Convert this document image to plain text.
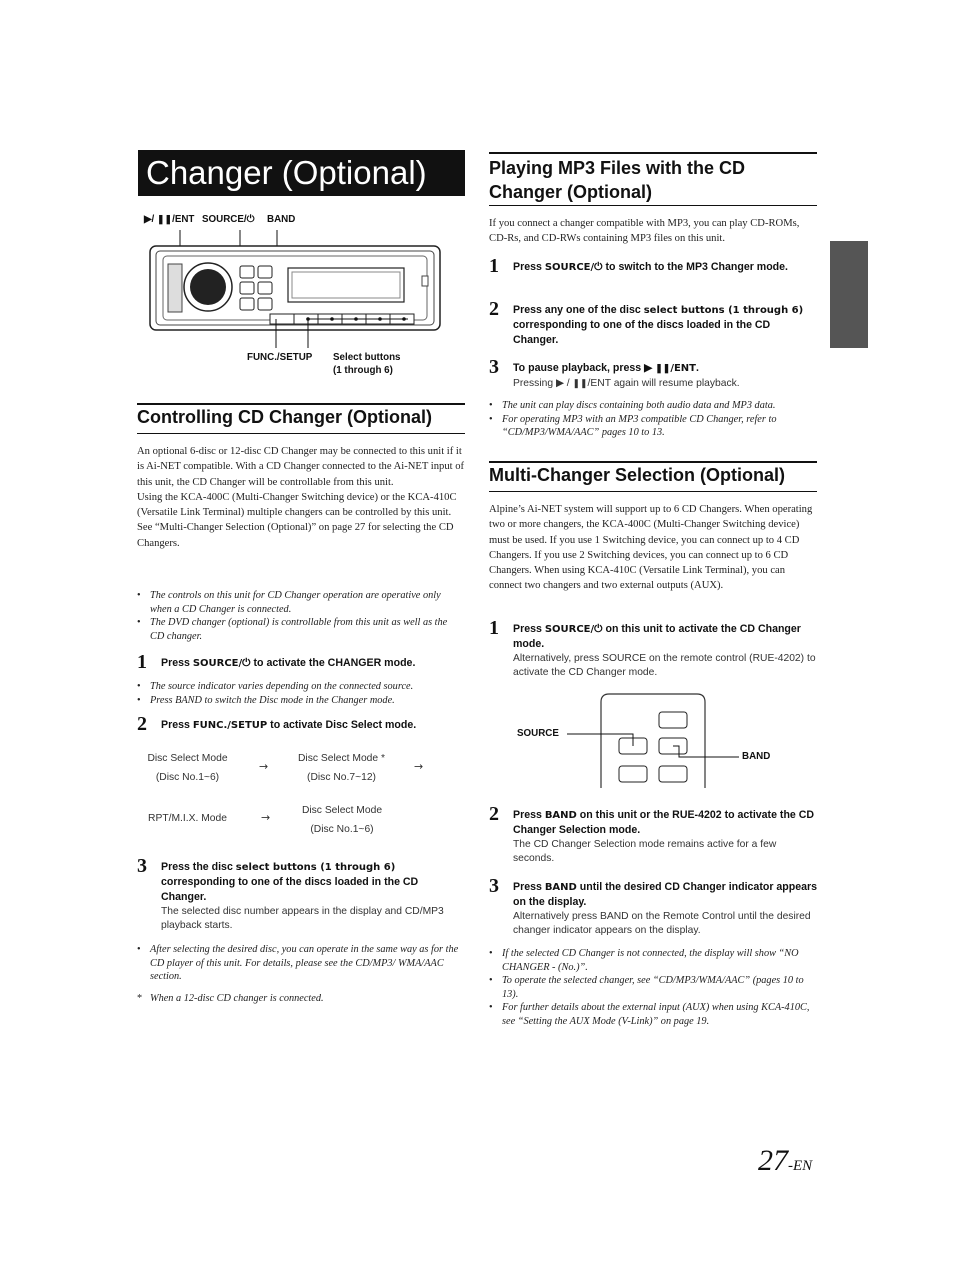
Changer (Optional)
▶/ ❚❚/ENT SOURCE/⏻ BAND
FUNC./SETUP Select buttons
(1 through 6)
Controlling CD Changer (Optional)
An optional 6-disc or 12-disc CD Changer may be connected to this unit if it is Ai-NET compatible. With a CD Changer connected to the Ai-NET input of this unit, the CD Changer will be controllable from this unit.
Using the KCA-400C (Multi-Changer Switching device) or the KCA-410C (Versatile Link Terminal) multiple changers can be controlled by this unit.
See “Multi-Changer Selection (Optional)” on page 27 for selecting the CD Changers.
• The controls on this unit for CD Changer operation are operative only when a CD Changer is connected.
• The DVD changer (optional) is controllable from this unit as well as the CD changer.
1 Press SOURCE/⏻ to activate the CHANGER mode.
• The source indicator varies depending on the connected source.
• Press BAND to switch the Disc mode in the Changer mode.
2 Press FUNC./SETUP to activate Disc Select mode.
Disc Select Mode
(Disc No.1~6)
→
Disc Select Mode *
(Disc No.7~12)
→
RPT/M.I.X. Mode	→
Disc Select Mode
(Disc No.1~6)
3 Press the disc select buttons (1 through 6)
corresponding to one of the discs loaded in the CD Changer.
The selected disc number appears in the display and CD/MP3 playback starts.
• After selecting the desired disc, you can operate in the same way as for the CD player of this unit. For details, please see the CD/MP3/ WMA/AAC section.
* When a 12-disc CD changer is connected.
Playing MP3 Files with the CD Changer (Optional)
If you connect a changer compatible with MP3, you can play CD-ROMs, CD-Rs, and CD-RWs containing MP3 files on this unit.
1 Press SOURCE/⏻ to switch to the MP3 Changer mode.
2 Press any one of the disc select buttons (1 through 6) corresponding to one of the discs loaded in the CD Changer.
3 To pause playback, press ▶ ❚❚/ENT.
Pressing ▶ / ❚❚/ENT again will resume playback.
• The unit can play discs containing both audio data and MP3 data.
• For operating MP3 with an MP3 compatible CD Changer, refer to “CD/MP3/WMA/AAC” pages 10 to 13.
Multi-Changer Selection (Optional)
Alpine’s Ai-NET system will support up to 6 CD Changers. When operating two or more changers, the KCA-400C (Multi-Changer Switching device) must be used. If you use 1 Switching device, you can connect up to 4 CD Changers. If you use 2 Switching devices, you can connect up to 6 CD Changers. When using KCA-410C (Versatile Link Terminal), you can connect two changers and two external outputs (AUX).
1 Press SOURCE/⏻ on this unit to activate the CD Changer mode.
Alternatively, press SOURCE on the remote control (RUE-4202) to activate the CD Changer mode.
SOURCE
BAND
2 Press BAND on this unit or the RUE-4202 to activate the CD Changer Selection mode.
The CD Changer Selection mode remains active for a few seconds.
3 Press BAND until the desired CD Changer indicator appears on the display.
Alternatively press BAND on the Remote Control until the desired changer indicator appears on the display.
• If the selected CD Changer is not connected, the display will show “NO CHANGER - (No.)”.
• To operate the selected changer, see “CD/MP3/WMA/AAC” (pages 10 to 13).
• For further details about the external input (AUX) when using KCA-410C, see “Setting the AUX Mode (V-Link)” on page 19.
27-EN
